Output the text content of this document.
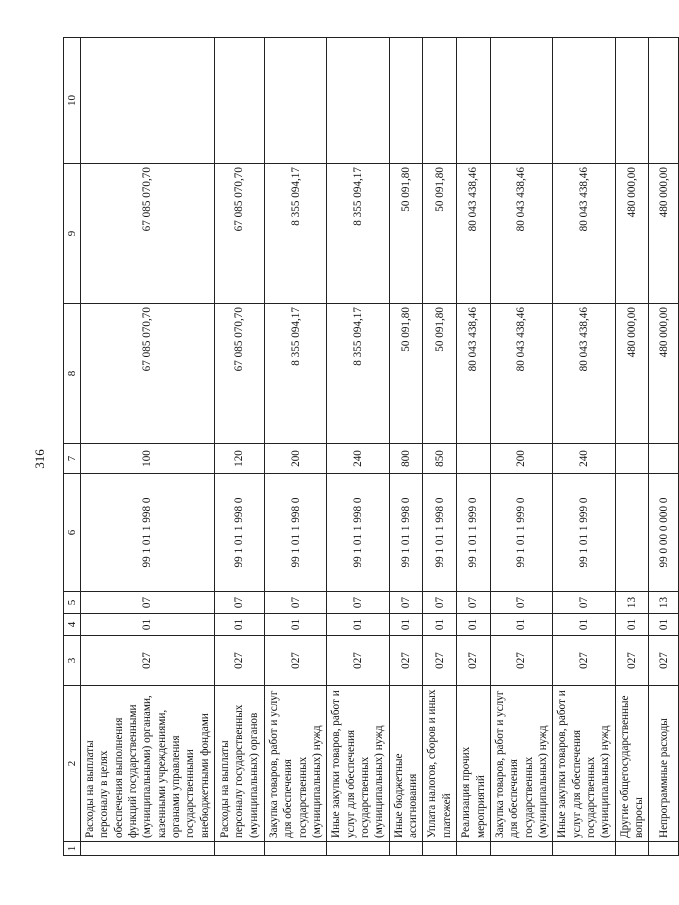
316
1	2	3	4	5	6	7	8	9	10
	Расходы на выплаты персоналу в целях обеспечения выполнения функций государственными (муниципальными) органами, казенными учреждениями, органами управления государственными внебюджетными фондами	027	01	07	99 1 01 1 998 0	100	67 085 070,70	67 085 070,70	
	Расходы на выплаты персоналу государственных (муниципальных) органов	027	01	07	99 1 01 1 998 0	120	67 085 070,70	67 085 070,70	
	Закупка товаров, работ и услуг для обеспечения государственных (муниципальных) нужд	027	01	07	99 1 01 1 998 0	200	8 355 094,17	8 355 094,17	
	Иные закупки товаров, работ и услуг для обеспечения государственных (муниципальных) нужд	027	01	07	99 1 01 1 998 0	240	8 355 094,17	8 355 094,17	
	Иные бюджетные ассигнования	027	01	07	99 1 01 1 998 0	800	50 091,80	50 091,80	
	Уплата налогов, сборов и иных платежей	027	01	07	99 1 01 1 998 0	850	50 091,80	50 091,80	
	Реализация прочих мероприятий	027	01	07	99 1 01 1 999 0		80 043 438,46	80 043 438,46	
	Закупка товаров, работ и услуг для обеспечения государственных (муниципальных) нужд	027	01	07	99 1 01 1 999 0	200	80 043 438,46	80 043 438,46	
	Иные закупки товаров, работ и услуг для обеспечения государственных (муниципальных) нужд	027	01	07	99 1 01 1 999 0	240	80 043 438,46	80 043 438,46	
	Другие общегосударственные вопросы	027	01	13			480 000,00	480 000,00	
	Непрограммные расходы	027	01	13	99 0 00 0 000 0		480 000,00	480 000,00	
